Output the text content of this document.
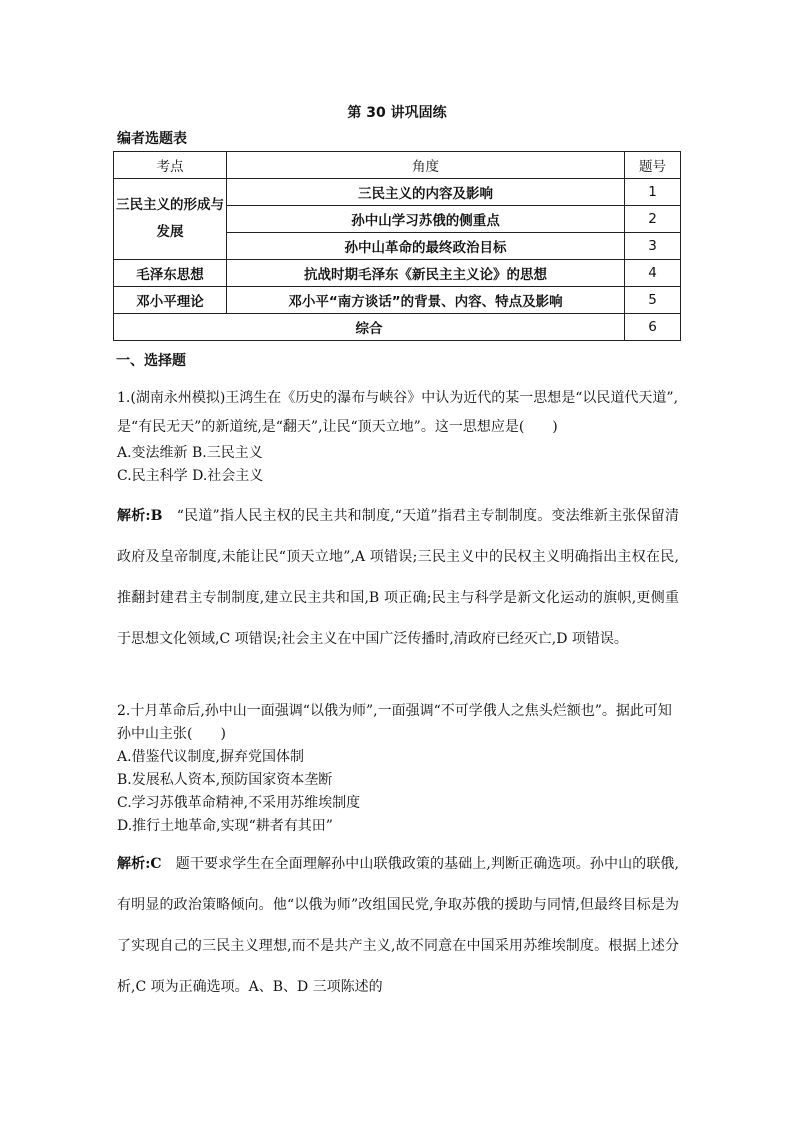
第 30 讲巩固练
编者选题表
考点	角度	题号
三民主义的形成与发展	三民主义的内容及影响	1
	孙中山学习苏俄的侧重点	2
	孙中山革命的最终政治目标	3
毛泽东思想	抗战时期毛泽东《新民主主义论》的思想	4
邓小平理论	邓小平“南方谈话”的背景、内容、特点及影响	5
综合		6
一、选择题

1.(湖南永州模拟)王鸿生在《历史的瀑布与峡谷》中认为近代的某一思想是“以民道代天道”,是“有民无天”的新道统,是“翻天”,让民“顶天立地”。这一思想应是(　　)

A.变法维新 B.三民主义

C.民主科学 D.社会主义

解析:B　“民道”指人民主权的民主共和制度,“天道”指君主专制制度。变法维新主张保留清政府及皇帝制度,未能让民“顶天立地”,A 项错误;三民主义中的民权主义明确指出主权在民,推翻封建君主专制制度,建立民主共和国,B 项正确;民主与科学是新文化运动的旗帜,更侧重于思想文化领域,C 项错误;社会主义在中国广泛传播时,清政府已经灭亡,D 项错误。

2.十月革命后,孙中山一面强调“以俄为师”,一面强调“不可学俄人之焦头烂额也”。据此可知孙中山主张(　　)

A.借鉴代议制度,摒弃党国体制

B.发展私人资本,预防国家资本垄断

C.学习苏俄革命精神,不采用苏维埃制度

D.推行土地革命,实现“耕者有其田”

解析:C　题干要求学生在全面理解孙中山联俄政策的基础上,判断正确选项。孙中山的联俄,有明显的政治策略倾向。他“以俄为师”改组国民党,争取苏俄的援助与同情,但最终目标是为了实现自己的三民主义理想,而不是共产主义,故不同意在中国采用苏维埃制度。根据上述分析,C 项为正确选项。A、B、D 三项陈述的
